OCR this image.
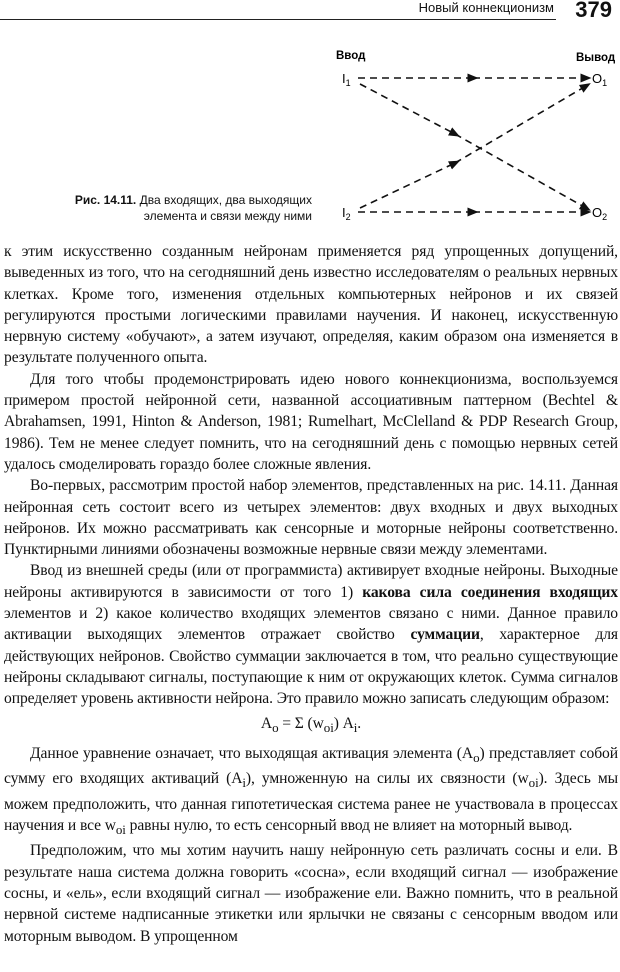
Новый коннекционизм 379
Ввод	Вывод
$I_1$	$O_1$
$I_2$	$O_2$
Рис. 14.11. Два входящих, два выходящих
элемента и связи между ними

к этим искусственно созданным нейронам применяется ряд упрощенных допущений, выведенных из того, что на сегодняшний день известно исследователям о реальных нервных клетках. Кроме того, изменения отдельных компьютерных нейронов и их связей регулируются простыми логическими правилами научения. И наконец, искусственную нервную систему «обучают», а затем изучают, определяя, каким образом она изменяется в результате полученного опыта.

Для того чтобы продемонстрировать идею нового коннекционизма, воспользуемся примером простой нейронной сети, названной ассоциативным паттерном (Bechtel & Abrahamsen, 1991, Hinton & Anderson, 1981; Rumelhart, McClelland & PDP Research Group, 1986). Тем не менее следует помнить, что на сегодняшний день с помощью нервных сетей удалось смоделировать гораздо более сложные явления.

Во-первых, рассмотрим простой набор элементов, представленных на рис. 14.11. Данная нейронная сеть состоит всего из четырех элементов: двух входных и двух выходных нейронов. Их можно рассматривать как сенсорные и моторные нейроны соответственно. Пунктирными линиями обозначены возможные нервные связи между элементами.

Ввод из внешней среды (или от программиста) активирует входные нейроны. Выходные нейроны активируются в зависимости от того 1) какова сила соединения входящих элементов и 2) какое количество входящих элементов связано с ними. Данное правило активации выходящих элементов отражает свойство суммации, характерное для действующих нейронов. Свойство суммации заключается в том, что реально существующие нейроны складывают сигналы, поступающие к ним от окружающих клеток. Сумма сигналов определяет уровень активности нейрона. Это правило можно записать следующим образом:

$A_o = \Sigma$ $(w_{oi})$ $A_i$.

Данное уравнение означает, что выходящая активация элемента $(A_o)$ представляет собой сумму его входящих активаций $(A_i)$, умноженную на силы их связности $(w_{oi})$. Здесь мы можем предположить, что данная гипотетическая система ранее не участвовала в процессах научения и все $w_{oi}$ равны нулю, то есть сенсорный ввод не влияет на моторный вывод.

Предположим, что мы хотим научить нашу нейронную сеть различать сосны и ели. В результате наша система должна говорить «сосна», если входящий сигнал — изображение сосны, и «ель», если входящий сигнал — изображение ели. Важно помнить, что в реальной нервной системе надписанные этикетки или ярлычки не связаны с сенсорным вводом или моторным выводом. В упрощенном
